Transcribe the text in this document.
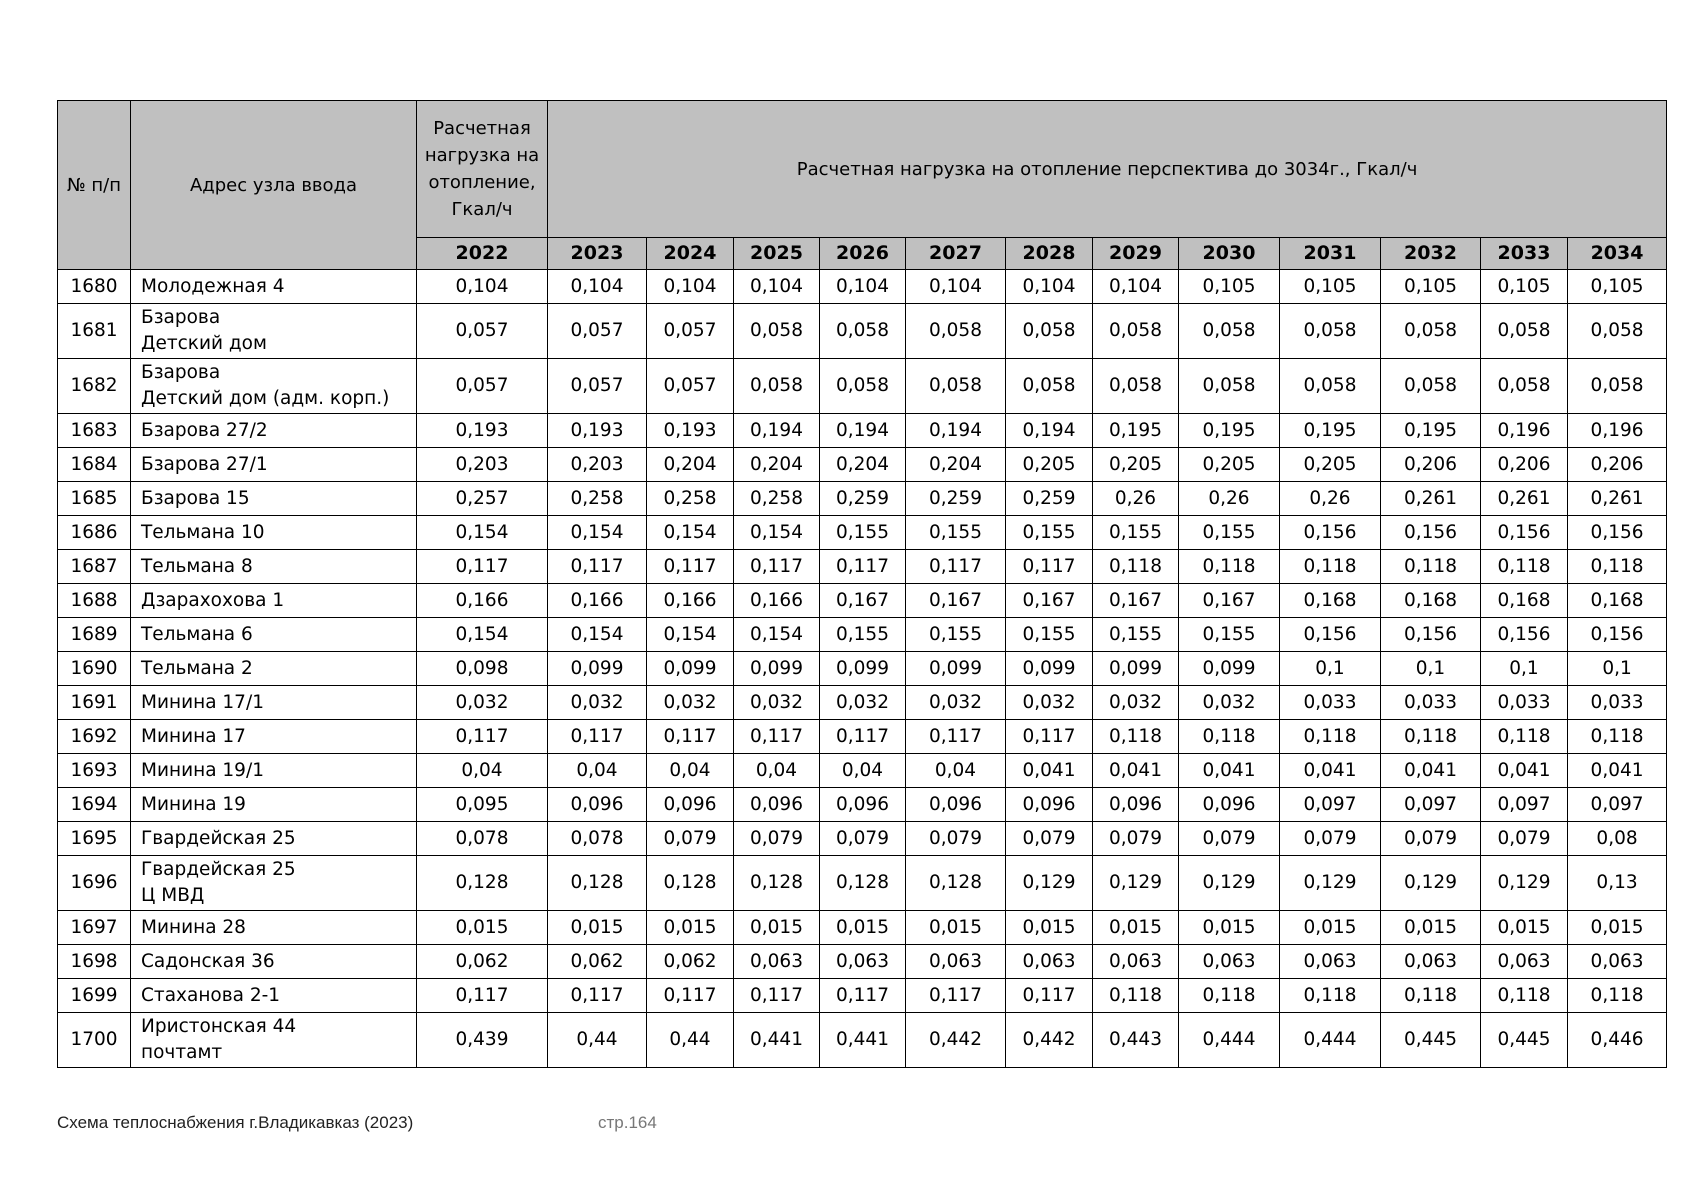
№ п/п	Адрес узла ввода	Расчетная нагрузка на отопление, Гкал/ч	Расчетная нагрузка на отопление перспектива до 3034г., Гкал/ч											
		2022	2023	2024	2025	2026	2027	2028	2029	2030	2031	2032	2033	2034
1680	Молодежная 4	0,104	0,104	0,104	0,104	0,104	0,104	0,104	0,104	0,105	0,105	0,105	0,105	0,105
1681	Бзарова
Детский дом	0,057	0,057	0,057	0,058	0,058	0,058	0,058	0,058	0,058	0,058	0,058	0,058	0,058
1682	Бзарова
Детский дом (адм. корп.)	0,057	0,057	0,057	0,058	0,058	0,058	0,058	0,058	0,058	0,058	0,058	0,058	0,058
1683	Бзарова 27/2	0,193	0,193	0,193	0,194	0,194	0,194	0,194	0,195	0,195	0,195	0,195	0,196	0,196
1684	Бзарова 27/1	0,203	0,203	0,204	0,204	0,204	0,204	0,205	0,205	0,205	0,205	0,206	0,206	0,206
1685	Бзарова 15	0,257	0,258	0,258	0,258	0,259	0,259	0,259	0,26	0,26	0,26	0,261	0,261	0,261
1686	Тельмана 10	0,154	0,154	0,154	0,154	0,155	0,155	0,155	0,155	0,155	0,156	0,156	0,156	0,156
1687	Тельмана 8	0,117	0,117	0,117	0,117	0,117	0,117	0,117	0,118	0,118	0,118	0,118	0,118	0,118
1688	Дзарахохова 1	0,166	0,166	0,166	0,166	0,167	0,167	0,167	0,167	0,167	0,168	0,168	0,168	0,168
1689	Тельмана 6	0,154	0,154	0,154	0,154	0,155	0,155	0,155	0,155	0,155	0,156	0,156	0,156	0,156
1690	Тельмана 2	0,098	0,099	0,099	0,099	0,099	0,099	0,099	0,099	0,099	0,1	0,1	0,1	0,1
1691	Минина 17/1	0,032	0,032	0,032	0,032	0,032	0,032	0,032	0,032	0,032	0,033	0,033	0,033	0,033
1692	Минина 17	0,117	0,117	0,117	0,117	0,117	0,117	0,117	0,118	0,118	0,118	0,118	0,118	0,118
1693	Минина 19/1	0,04	0,04	0,04	0,04	0,04	0,04	0,041	0,041	0,041	0,041	0,041	0,041	0,041
1694	Минина 19	0,095	0,096	0,096	0,096	0,096	0,096	0,096	0,096	0,096	0,097	0,097	0,097	0,097
1695	Гвардейская 25	0,078	0,078	0,079	0,079	0,079	0,079	0,079	0,079	0,079	0,079	0,079	0,079	0,08
1696	Гвардейская 25
Ц МВД	0,128	0,128	0,128	0,128	0,128	0,128	0,129	0,129	0,129	0,129	0,129	0,129	0,13
1697	Минина 28	0,015	0,015	0,015	0,015	0,015	0,015	0,015	0,015	0,015	0,015	0,015	0,015	0,015
1698	Садонская 36	0,062	0,062	0,062	0,063	0,063	0,063	0,063	0,063	0,063	0,063	0,063	0,063	0,063
1699	Стаханова 2-1	0,117	0,117	0,117	0,117	0,117	0,117	0,117	0,118	0,118	0,118	0,118	0,118	0,118
1700	Иристонская 44
почтамт	0,439	0,44	0,44	0,441	0,441	0,442	0,442	0,443	0,444	0,444	0,445	0,445	0,446
Схема теплоснабжения г.Владикавказ (2023)	стр.164
